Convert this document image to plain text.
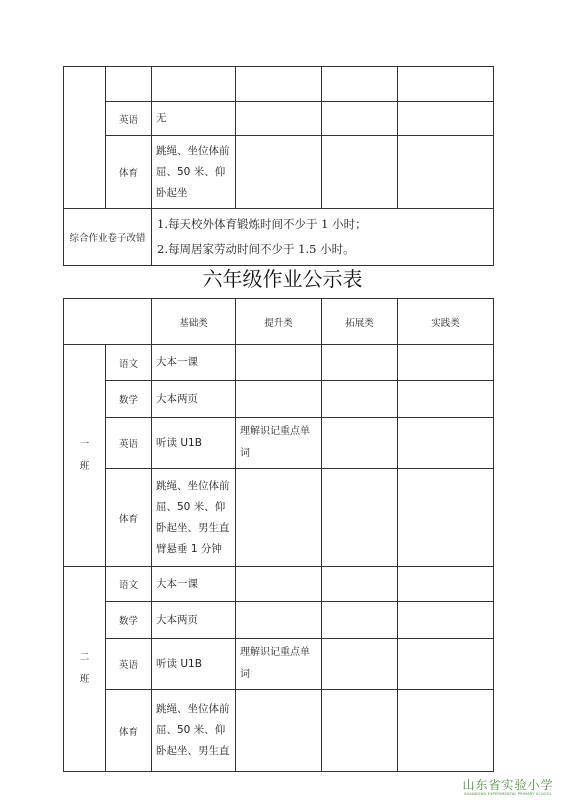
	英语	无			
	体育	跳绳、坐位体前屈、50 米、仰卧起坐			
综合作业卷子改错		1.每天校外体育锻炼时间不少于 1 小时；
2.每周居家劳动时间不少于 1.5 小时。			
六年级作业公示表
		基础类	提升类	拓展类	实践类

一
班	语文	大本一课			
	数学	大本两页			
	英语	听读 U1B	理解识记重点单词		
	体育	跳绳、坐位体前屈、50 米、仰卧起坐、男生直臂悬垂 1 分钟			

二
班	语文	大本一课			
	数学	大本两页			
	英语	听读 U1B	理解识记重点单词		
	体育	跳绳、坐位体前屈、50 米、仰卧起坐、男生直			
山东省实验小学
SHANDONG EXPERIMENTAL PRIMARY SCHOOL
